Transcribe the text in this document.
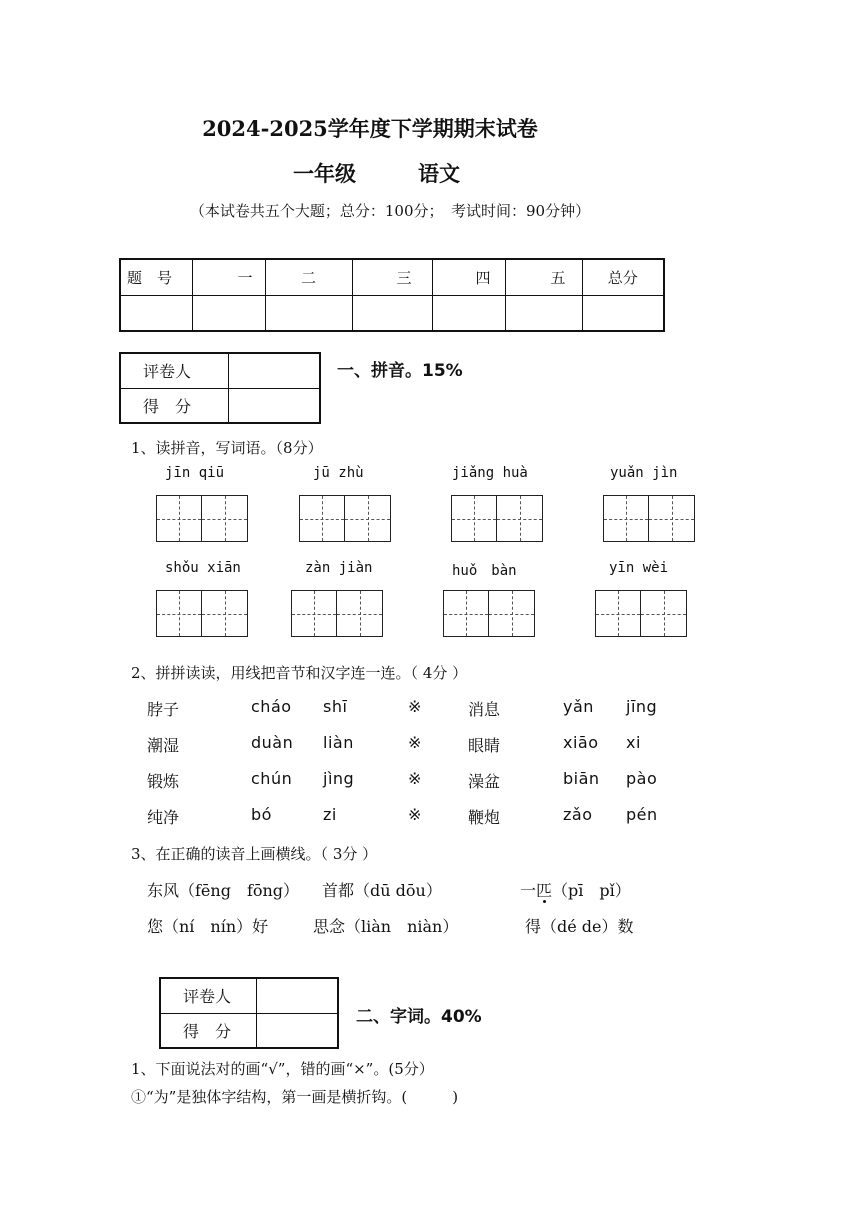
2024-2025学年度下学期期末试卷
一年级	语文
（本试卷共五个大题；总分：100分；　考试时间：90分钟）
题　号	一	二	三	四	五	总分

评卷人	
得　分	
一、拼音。15%
1、读拼音，写词语。（8分）
jīn qiū	jū zhù	jiǎng huà	yuǎn jìn
shǒu xiān	zàn jiàn	huǒ　bàn	yīn wèi
2、拼拼读读，用线把音节和汉字连一连。（ 4分 ）
脖子	cháo shī	※	消息	yǎn jīng
潮湿	duàn liàn	※	眼睛	xiāo xi
锻炼	chún jìng	※	澡盆	biān pào
纯净	bó	zi	※	鞭炮	zǎo pén
3、在正确的读音上画横线。（ 3分 ）
东风（fēng　fōng） 首都（dū dōu）	一匹（pī　pǐ）
您（ní　nín）好	思念（liàn　niàn）	得（dé de）数
评卷人	
得　分	
二、字词。40%
1、下面说法对的画“√”，错的画“×”。(5分）
①“为”是独体字结构，第一画是横折钩。(　　　)
